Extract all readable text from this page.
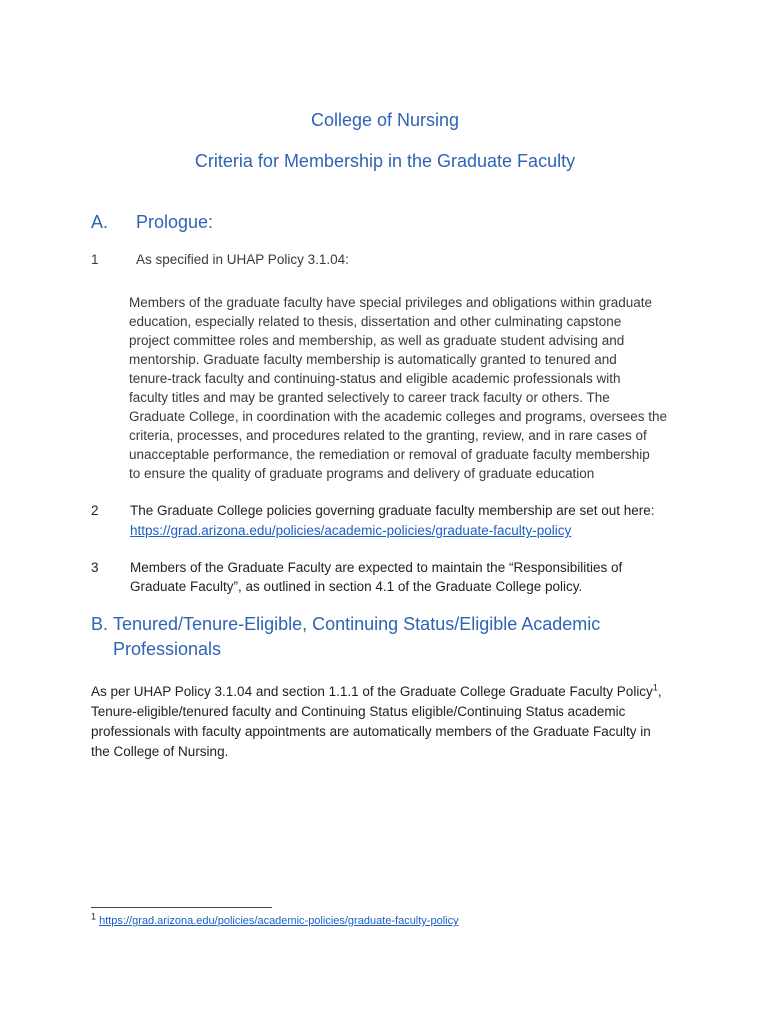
College of Nursing
Criteria for Membership in the Graduate Faculty
A. Prologue:
1	As specified in UHAP Policy 3.1.04:
Members of the graduate faculty have special privileges and obligations within graduate
education, especially related to thesis, dissertation and other culminating capstone
project committee roles and membership, as well as graduate student advising and
mentorship. Graduate faculty membership is automatically granted to tenured and
tenure-track faculty and continuing-status and eligible academic professionals with
faculty titles and may be granted selectively to career track faculty or others. The
Graduate College, in coordination with the academic colleges and programs, oversees the
criteria, processes, and procedures related to the granting, review, and in rare cases of
unacceptable performance, the remediation or removal of graduate faculty membership
to ensure the quality of graduate programs and delivery of graduate education
2 The Graduate College policies governing graduate faculty membership are set out here:
https://grad.arizona.edu/policies/academic-policies/graduate-faculty-policy
3 Members of the Graduate Faculty are expected to maintain the “Responsibilities of
Graduate Faculty”, as outlined in section 4.1 of the Graduate College policy.
B. Tenured/Tenure-Eligible, Continuing Status/Eligible Academic
Professionals
As per UHAP Policy 3.1.04 and section 1.1.1 of the Graduate College Graduate Faculty Policy$^1$,
Tenure-eligible/tenured faculty and Continuing Status eligible/Continuing Status academic
professionals with faculty appointments are automatically members of the Graduate Faculty in
the College of Nursing.
$^1$ https://grad.arizona.edu/policies/academic-policies/graduate-faculty-policy
